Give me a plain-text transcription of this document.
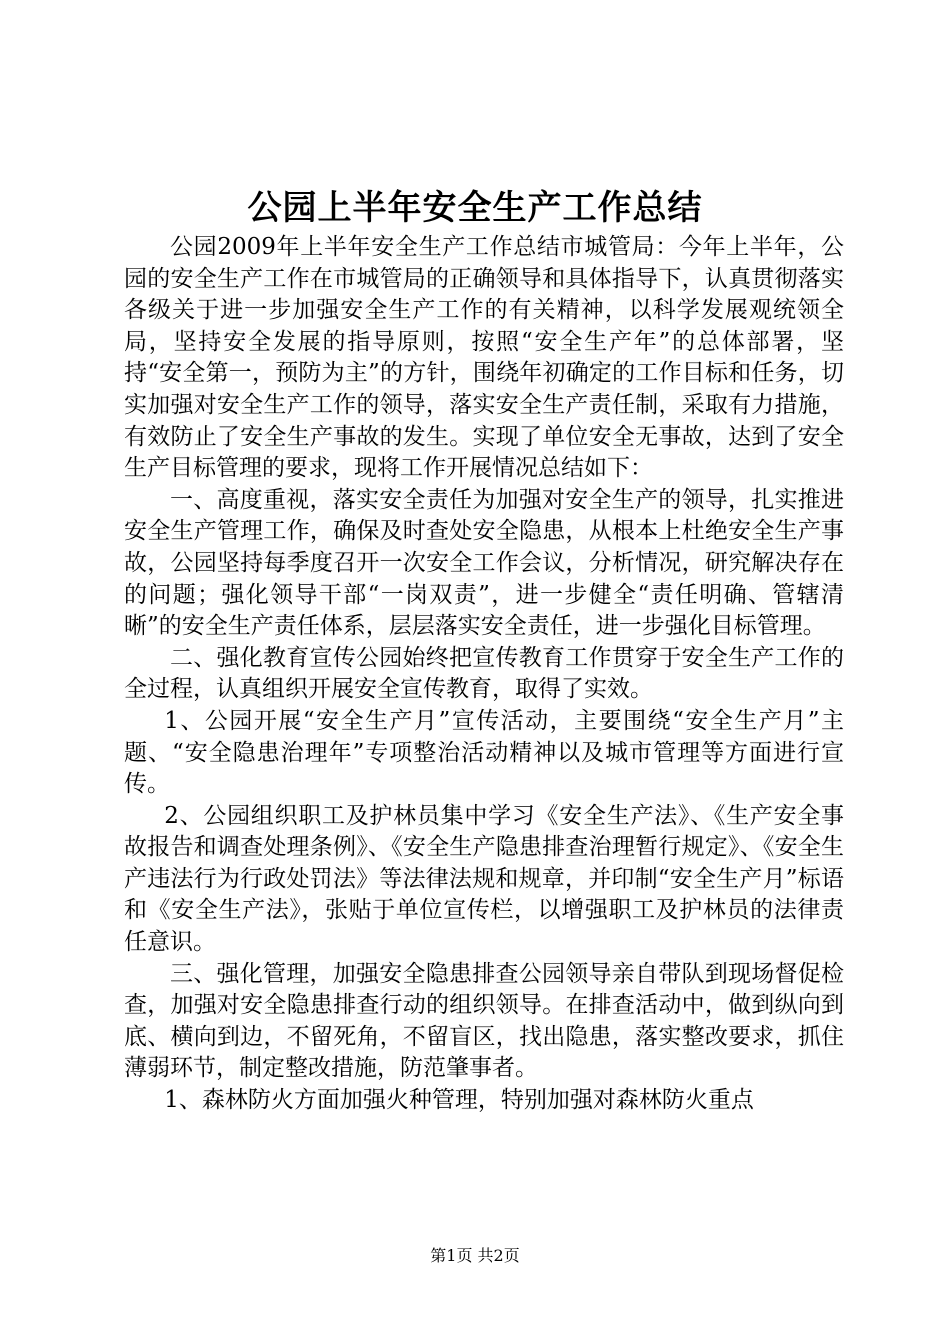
公园上半年安全生产工作总结

公园2009年上半年安全生产工作总结市城管局：今年上半年，公园的安全生产工作在市城管局的正确领导和具体指导下，认真贯彻落实各级关于进一步加强安全生产工作的有关精神，以科学发展观统领全局，坚持安全发展的指导原则，按照“安全生产年”的总体部署，坚持“安全第一，预防为主”的方针，围绕年初确定的工作目标和任务，切实加强对安全生产工作的领导，落实安全生产责任制，采取有力措施，有效防止了安全生产事故的发生。实现了单位安全无事故，达到了安全生产目标管理的要求，现将工作开展情况总结如下：

一、高度重视，落实安全责任为加强对安全生产的领导，扎实推进安全生产管理工作，确保及时查处安全隐患，从根本上杜绝安全生产事故，公园坚持每季度召开一次安全工作会议，分析情况，研究解决存在的问题；强化领导干部“一岗双责”，进一步健全“责任明确、管辖清晰”的安全生产责任体系，层层落实安全责任，进一步强化目标管理。

二、强化教育宣传公园始终把宣传教育工作贯穿于安全生产工作的全过程，认真组织开展安全宣传教育，取得了实效。

1、公园开展“安全生产月”宣传活动，主要围绕“安全生产月”主题、“安全隐患治理年”专项整治活动精神以及城市管理等方面进行宣传。

2、公园组织职工及护林员集中学习《安全生产法》、《生产安全事故报告和调查处理条例》、《安全生产隐患排查治理暂行规定》、《安全生产违法行为行政处罚法》等法律法规和规章，并印制“安全生产月”标语和《安全生产法》，张贴于单位宣传栏，以增强职工及护林员的法律责任意识。

三、强化管理，加强安全隐患排查公园领导亲自带队到现场督促检查，加强对安全隐患排查行动的组织领导。在排查活动中，做到纵向到底、横向到边，不留死角，不留盲区，找出隐患，落实整改要求，抓住薄弱环节，制定整改措施，防范肇事者。

1、森林防火方面加强火种管理，特别加强对森林防火重点

第1页 共2页
